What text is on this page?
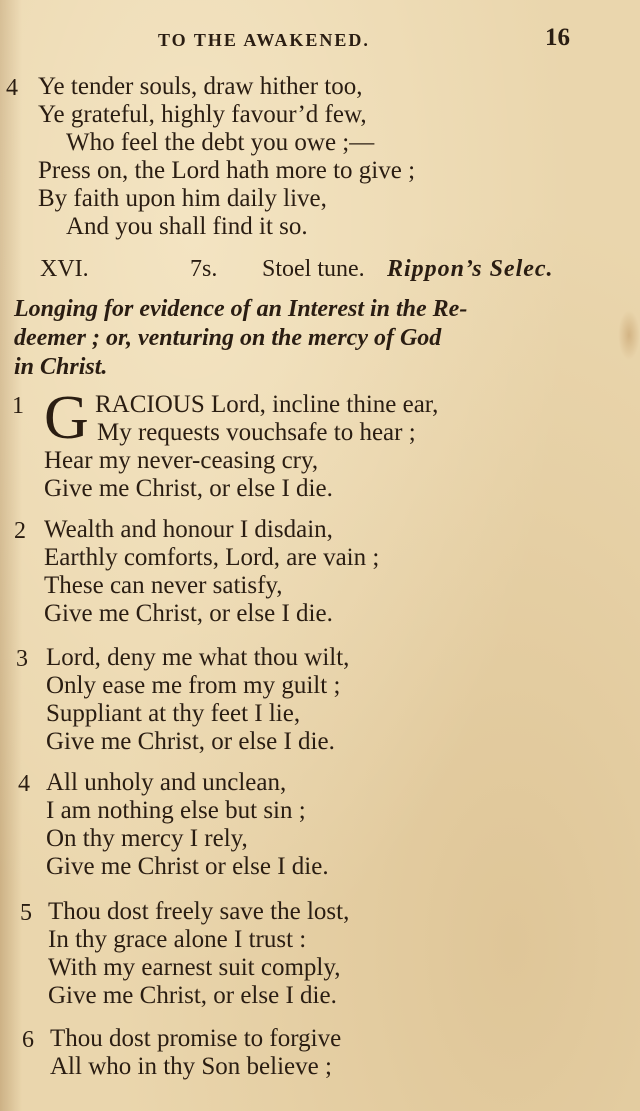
TO THE AWAKENED.	16
4 Ye tender souls, draw hither too,
Ye grateful, highly favour’d few,
Who feel the debt you owe ;—
Press on, the Lord hath more to give ;
By faith upon him daily live,
And you shall find it so.
XVI.	7s. Stoel tune. Rippon’s Selec.
Longing for evidence of an Interest in the Re-
deemer ; or, venturing on the mercy of God
in Christ.
1 G RACIOUS Lord, incline thine ear,
My requests vouchsafe to hear ;
Hear my never-ceasing cry,
Give me Christ, or else I die.
2 Wealth and honour I disdain,
Earthly comforts, Lord, are vain ;
These can never satisfy,
Give me Christ, or else I die.
3 Lord, deny me what thou wilt,
Only ease me from my guilt ;
Suppliant at thy feet I lie,
Give me Christ, or else I die.
4 All unholy and unclean,
I am nothing else but sin ;
On thy mercy I rely,
Give me Christ or else I die.
5 Thou dost freely save the lost,
In thy grace alone I trust :
With my earnest suit comply,
Give me Christ, or else I die.
6 Thou dost promise to forgive
All who in thy Son believe ;
